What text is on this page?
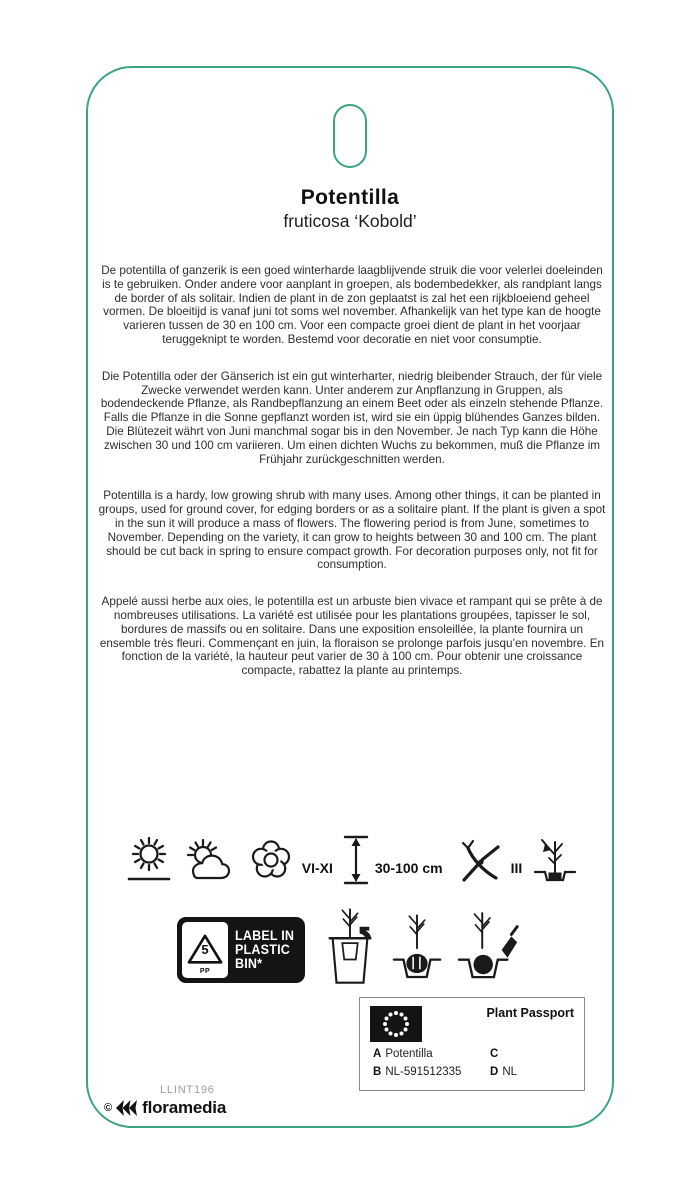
Potentilla
fruticosa ‘Kobold’

De potentilla of ganzerik is een goed winterharde laagblijvende struik die voor velerlei doeleinden is te gebruiken. Onder andere voor aanplant in groepen, als bodembedekker, als randplant langs de border of als solitair. Indien de plant in de zon geplaatst is zal het een rijkbloeiend geheel vormen. De bloeitijd is vanaf juni tot soms wel november. Afhankelijk van het type kan de hoogte varieren tussen de 30 en 100 cm. Voor een compacte groei dient de plant in het voorjaar teruggeknipt te worden. Bestemd voor decoratie en niet voor consumptie.

Die Potentilla oder der Gänserich ist ein gut winterharter, niedrig bleibender Strauch, der für viele Zwecke verwendet werden kann. Unter anderem zur Anpflanzung in Gruppen, als bodendeckende Pflanze, als Randbepflanzung an einem Beet oder als einzeln stehende Pflanze. Falls die Pflanze in die Sonne gepflanzt worden ist, wird sie ein üppig blühendes Ganzes bilden. Die Blütezeit währt von Juni manchmal sogar bis in den November. Je nach Typ kann die Höhe zwischen 30 und 100 cm variieren. Um einen dichten Wuchs zu bekommen, muß die Pflanze im Frühjahr zurückgeschnitten werden.

Potentilla is a hardy, low growing shrub with many uses. Among other things, it can be planted in groups, used for ground cover, for edging borders or as a solitaire plant. If the plant is given a spot in the sun it will produce a mass of flowers. The flowering period is from June, sometimes to November. Depending on the variety, it can grow to heights between 30 and 100 cm. The plant should be cut back in spring to ensure compact growth. For decoration purposes only, not fit for consumption.

Appelé aussi herbe aux oies, le potentilla est un arbuste bien vivace et rampant qui se prête à de nombreuses utilisations. La variété est utilisée pour les plantations groupées, tapisser le sol, bordures de massifs ou en solitaire. Dans une exposition ensoleillée, la plante fournira un ensemble très fleuri. Commençant en juin, la floraison se prolonge parfois jusqu’en novembre. En fonction de la variété, la hauteur peut varier de 30 à 100 cm. Pour obtenir une croissance compacte, rabattez la plante au printemps.

VI-XI	30-100 cm	III
5
PP
LABEL IN
PLASTIC
BIN*
Plant Passport
A Potentilla	C
B NL-591512335	D NL
LLINT196
© floramedia
